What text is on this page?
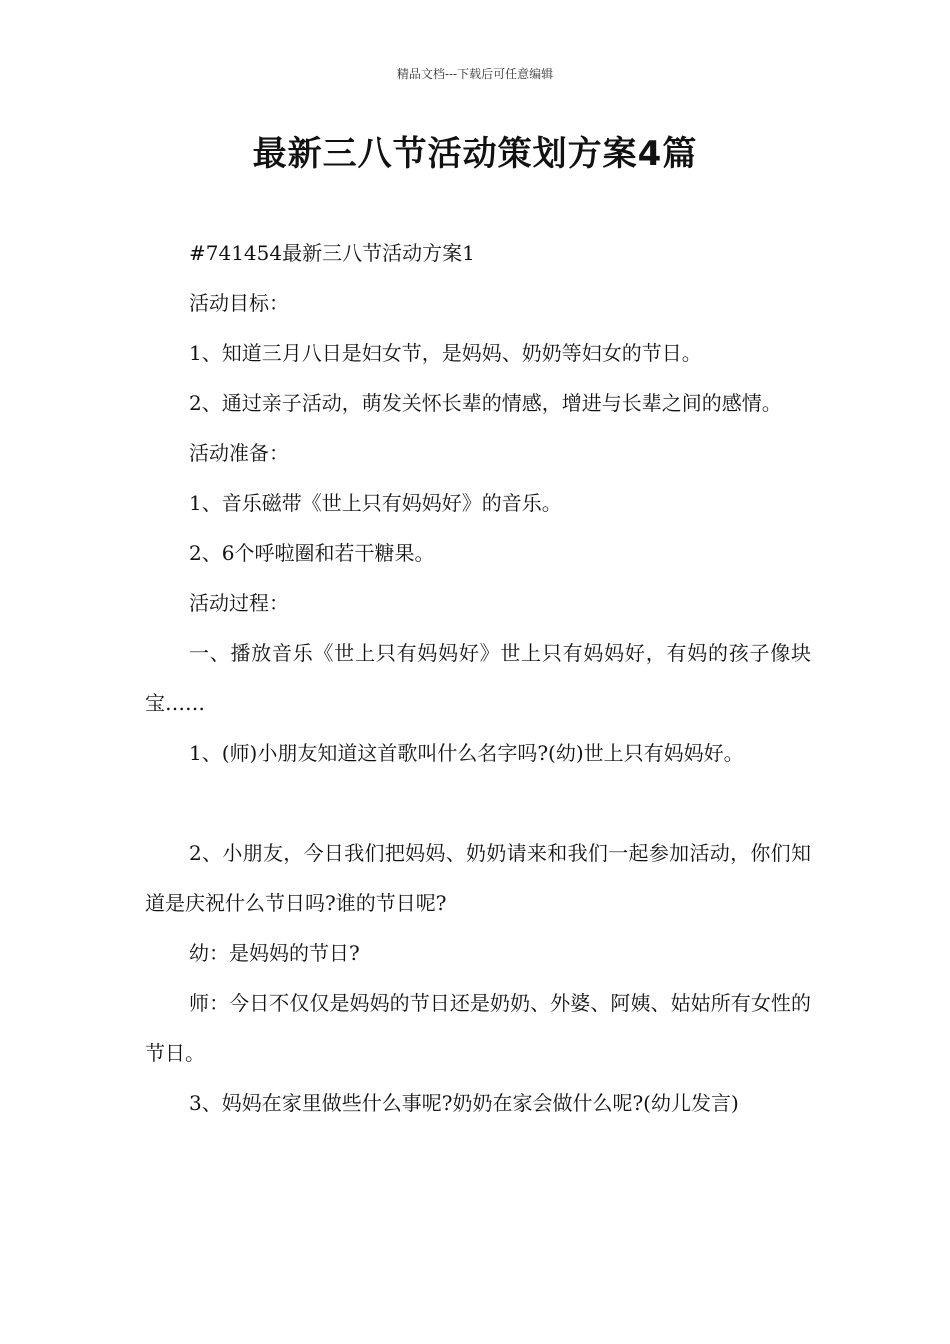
精品文档---下载后可任意编辑
最新三八节活动策划方案4篇

#741454最新三八节活动方案1

活动目标：

1、知道三月八日是妇女节，是妈妈、奶奶等妇女的节日。

2、通过亲子活动，萌发关怀长辈的情感，增进与长辈之间的感情。

活动准备：

1、音乐磁带《世上只有妈妈好》的音乐。

2、6个呼啦圈和若干糖果。

活动过程：

一、播放音乐《世上只有妈妈好》世上只有妈妈好，有妈的孩子像块宝……

1、(师)小朋友知道这首歌叫什么名字吗?(幼)世上只有妈妈好。

2、小朋友，今日我们把妈妈、奶奶请来和我们一起参加活动，你们知道是庆祝什么节日吗?谁的节日呢?

幼：是妈妈的节日?

师：今日不仅仅是妈妈的节日还是奶奶、外婆、阿姨、姑姑所有女性的节日。

3、妈妈在家里做些什么事呢?奶奶在家会做什么呢?(幼儿发言)
